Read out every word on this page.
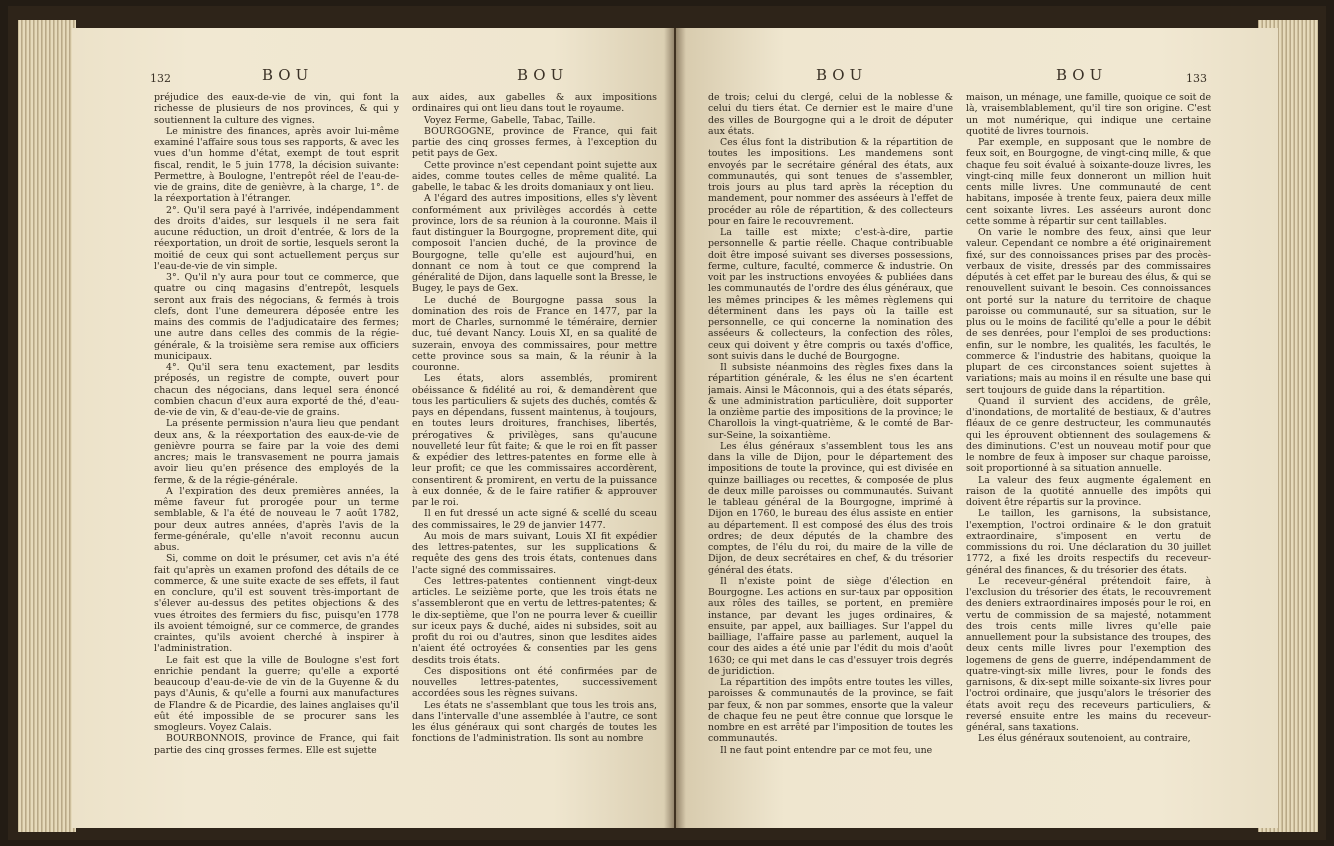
132	BOU	BOU

préjudice des eaux-de-vie de vin, qui font la richesse de plusieurs de nos provinces, & qui y soutiennent la culture des vignes.

Le ministre des finances, après avoir lui-même examiné l'affaire sous tous ses rapports, & avec les vues d'un homme d'état, exempt de tout esprit fiscal, rendit, le 5 juin 1778, la décision suivante: Permettre, à Boulogne, l'entrepôt réel de l'eau-de-vie de grains, dite de genièvre, à la charge, 1°. de la réexportation à l'étranger.

2°. Qu'il sera payé à l'arrivée, indépendamment des droits d'aides, sur lesquels il ne sera fait aucune réduction, un droit d'entrée, & lors de la réexportation, un droit de sortie, lesquels seront la moitié de ceux qui sont actuellement perçus sur l'eau-de-vie de vin simple.

3°. Qu'il n'y aura pour tout ce commerce, que quatre ou cinq magasins d'entrepôt, lesquels seront aux frais des négocians, & fermés à trois clefs, dont l'une demeurera déposée entre les mains des commis de l'adjudicataire des fermes; une autre dans celles des commis de la régie-générale, & la troisième sera remise aux officiers municipaux.

4°. Qu'il sera tenu exactement, par lesdits préposés, un registre de compte, ouvert pour chacun des négocians, dans lequel sera énoncé combien chacun d'eux aura exporté de thé, d'eau-de-vie de vin, & d'eau-de-vie de grains.

La présente permission n'aura lieu que pendant deux ans, & la réexportation des eaux-de-vie de genièvre pourra se faire par la voie des demi ancres; mais le transvasement ne pourra jamais avoir lieu qu'en présence des employés de la ferme, & de la régie-générale.

A l'expiration des deux premières années, la même faveur fut prorogée pour un terme semblable, & l'a été de nouveau le 7 août 1782, pour deux autres années, d'après l'avis de la ferme-générale, qu'elle n'avoit reconnu aucun abus.

Si, comme on doit le présumer, cet avis n'a été fait qu'après un examen profond des détails de ce commerce, & une suite exacte de ses effets, il faut en conclure, qu'il est souvent très-important de s'élever au-dessus des petites objections & des vues étroites des fermiers du fisc, puisqu'en 1778 ils avoient témoigné, sur ce commerce, de grandes craintes, qu'ils avoient cherché à inspirer à l'administration.

Le fait est que la ville de Boulogne s'est fort enrichie pendant la guerre; qu'elle a exporté beaucoup d'eau-de-vie de vin de la Guyenne & du pays d'Aunis, & qu'elle a fourni aux manufactures de Flandre & de Picardie, des laines anglaises qu'il eût été impossible de se procurer sans les smogleurs. Voyez Calais.

BOURBONNOIS, province de France, qui fait partie des cinq grosses fermes. Elle est sujette

aux aides, aux gabelles & aux impositions ordinaires qui ont lieu dans tout le royaume.

Voyez Ferme, Gabelle, Tabac, Taille.

BOURGOGNE, province de France, qui fait partie des cinq grosses fermes, à l'exception du petit pays de Gex.

Cette province n'est cependant point sujette aux aides, comme toutes celles de même qualité. La gabelle, le tabac & les droits domaniaux y ont lieu.

A l'égard des autres impositions, elles s'y lèvent conformément aux privilèges accordés à cette province, lors de sa réunion à la couronne. Mais il faut distinguer la Bourgogne, proprement dite, qui composoit l'ancien duché, de la province de Bourgogne, telle qu'elle est aujourd'hui, en donnant ce nom à tout ce que comprend la généralité de Dijon, dans laquelle sont la Bresse, le Bugey, le pays de Gex.

Le duché de Bourgogne passa sous la domination des rois de France en 1477, par la mort de Charles, surnommé le téméraire, dernier duc, tué devant Nancy. Louis XI, en sa qualité de suzerain, envoya des commissaires, pour mettre cette province sous sa main, & la réunir à la couronne.

Les états, alors assemblés, promirent obéissance & fidélité au roi, & demandèrent que tous les particuliers & sujets des duchés, comtés & pays en dépendans, fussent maintenus, à toujours, en toutes leurs droitures, franchises, libertés, prérogatives & privilèges, sans qu'aucune nouvelleté leur fût faite; & que le roi en fît passer & expédier des lettres-patentes en forme elle à leur profit; ce que les commissaires accordèrent, consentirent & promirent, en vertu de la puissance à eux donnée, & de le faire ratifier & approuver par le roi.

Il en fut dressé un acte signé & scellé du sceau des commissaires, le 29 de janvier 1477.

Au mois de mars suivant, Louis XI fit expédier des lettres-patentes, sur les supplications & requête des gens des trois états, contenues dans l'acte signé des commissaires.

Ces lettres-patentes contiennent vingt-deux articles. Le seizième porte, que les trois états ne s'assembleront que en vertu de lettres-patentes; & le dix-septième, que l'on ne pourra lever & cueillir sur iceux pays & duché, aides ni subsides, soit au profit du roi ou d'autres, sinon que lesdites aides n'aient été octroyées & consenties par les gens desdits trois états.

Ces dispositions ont été confirmées par de nouvelles lettres-patentes, successivement accordées sous les règnes suivans.

Les états ne s'assemblant que tous les trois ans, dans l'intervalle d'une assemblée à l'autre, ce sont les élus généraux qui sont chargés de toutes les fonctions de l'administration. Ils sont au nombre

BOU	BOU	133

de trois; celui du clergé, celui de la noblesse & celui du tiers état. Ce dernier est le maire d'une des villes de Bourgogne qui a le droit de députer aux états.

Ces élus font la distribution & la répartition de toutes les impositions. Les mandemens sont envoyés par le secrétaire général des états, aux communautés, qui sont tenues de s'assembler, trois jours au plus tard après la réception du mandement, pour nommer des asséeurs à l'effet de procéder au rôle de répartition, & des collecteurs pour en faire le recouvrement.

La taille est mixte; c'est-à-dire, partie personnelle & partie réelle. Chaque contribuable doit être imposé suivant ses diverses possessions, ferme, culture, faculté, commerce & industrie. On voit par les instructions envoyées & publiées dans les communautés de l'ordre des élus généraux, que les mêmes principes & les mêmes règlemens qui déterminent dans les pays où la taille est personnelle, ce qui concerne la nomination des asséeurs & collecteurs, la confection des rôles, ceux qui doivent y être compris ou taxés d'office, sont suivis dans le duché de Bourgogne.

Il subsiste néanmoins des règles fixes dans la répartition générale, & les élus ne s'en écartent jamais. Ainsi le Mâconnois, qui a des états séparés, & une administration particulière, doit supporter la onzième partie des impositions de la province; le Charollois la vingt-quatrième, & le comté de Bar-sur-Seine, la soixantième.

Les élus généraux s'assemblent tous les ans dans la ville de Dijon, pour le département des impositions de toute la province, qui est divisée en quinze bailliages ou recettes, & composée de plus de deux mille paroisses ou communautés. Suivant le tableau général de la Bourgogne, imprimé à Dijon en 1760, le bureau des élus assiste en entier au département. Il est composé des élus des trois ordres; de deux députés de la chambre des comptes, de l'élu du roi, du maire de la ville de Dijon, de deux secrétaires en chef, & du trésorier général des états.

Il n'existe point de siège d'élection en Bourgogne. Les actions en sur-taux par opposition aux rôles des tailles, se portent, en première instance, par devant les juges ordinaires, & ensuite, par appel, aux bailliages. Sur l'appel du bailliage, l'affaire passe au parlement, auquel la cour des aides a été unie par l'édit du mois d'août 1630; ce qui met dans le cas d'essuyer trois degrés de juridiction.

La répartition des impôts entre toutes les villes, paroisses & communautés de la province, se fait par feux, & non par sommes, ensorte que la valeur de chaque feu ne peut être connue que lorsque le nombre en est arrêté par l'imposition de toutes les communautés.

Il ne faut point entendre par ce mot feu, une

maison, un ménage, une famille, quoique ce soit de là, vraisemblablement, qu'il tire son origine. C'est un mot numérique, qui indique une certaine quotité de livres tournois.

Par exemple, en supposant que le nombre de feux soit, en Bourgogne, de vingt-cinq mille, & que chaque feu soit évalué à soixante-douze livres, les vingt-cinq mille feux donneront un million huit cents mille livres. Une communauté de cent habitans, imposée à trente feux, paiera deux mille cent soixante livres. Les asséeurs auront donc cette somme à répartir sur cent taillables.

On varie le nombre des feux, ainsi que leur valeur. Cependant ce nombre a été originairement fixé, sur des connoissances prises par des procès-verbaux de visite, dressés par des commissaires députés à cet effet par le bureau des élus, & qui se renouvellent suivant le besoin. Ces connoissances ont porté sur la nature du territoire de chaque paroisse ou communauté, sur sa situation, sur le plus ou le moins de facilité qu'elle a pour le débit de ses denrées, pour l'emploi de ses productions: enfin, sur le nombre, les qualités, les facultés, le commerce & l'industrie des habitans, quoique la plupart de ces circonstances soient sujettes à variations; mais au moins il en résulte une base qui sert toujours de guide dans la répartition.

Quand il survient des accidens, de grêle, d'inondations, de mortalité de bestiaux, & d'autres fléaux de ce genre destructeur, les communautés qui les éprouvent obtiennent des soulagemens & des diminutions. C'est un nouveau motif pour que le nombre de feux à imposer sur chaque paroisse, soit proportionné à sa situation annuelle.

La valeur des feux augmente également en raison de la quotité annuelle des impôts qui doivent être répartis sur la province.

Le taillon, les garnisons, la subsistance, l'exemption, l'octroi ordinaire & le don gratuit extraordinaire, s'imposent en vertu de commissions du roi. Une déclaration du 30 juillet 1772, a fixé les droits respectifs du receveur-général des finances, & du trésorier des états.

Le receveur-général prétendoit faire, à l'exclusion du trésorier des états, le recouvrement des deniers extraordinaires imposés pour le roi, en vertu de commission de sa majesté, notamment des trois cents mille livres qu'elle paie annuellement pour la subsistance des troupes, des deux cents mille livres pour l'exemption des logemens de gens de guerre, indépendamment de quatre-vingt-six mille livres, pour le fonds des garnisons, & dix-sept mille soixante-six livres pour l'octroi ordinaire, que jusqu'alors le trésorier des états avoit reçu des receveurs particuliers, & reversé ensuite entre les mains du receveur-général, sans taxations.

Les élus généraux soutenoient, au contraire,
